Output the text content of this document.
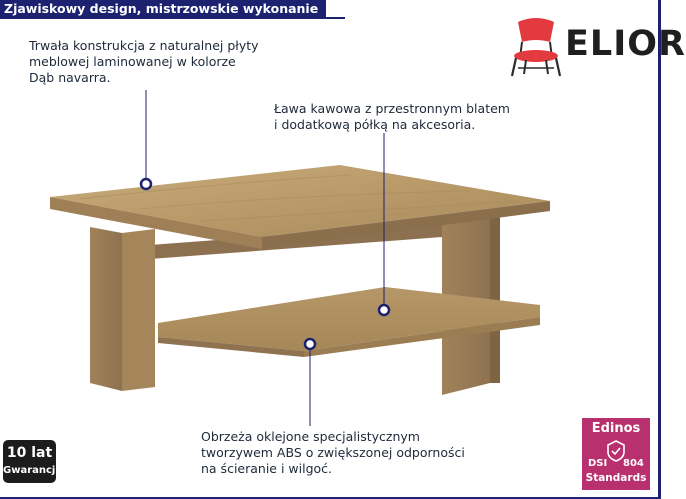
Zjawiskowy design, mistrzowskie wykonanie
Trwała konstrukcja z naturalnej płyty
meblowej laminowanej w kolorze
Dąb navarra.
Ława kawowa z przestronnym blatem
i dodatkową półką na akcesoria.
Obrzeża oklejone specjalistycznym
tworzywem ABS o zwiększonej odporności
na ścieranie i wilgoć.
ELIOR
10 lat
Gwarancji
Edinos
DSI 804
Standards
